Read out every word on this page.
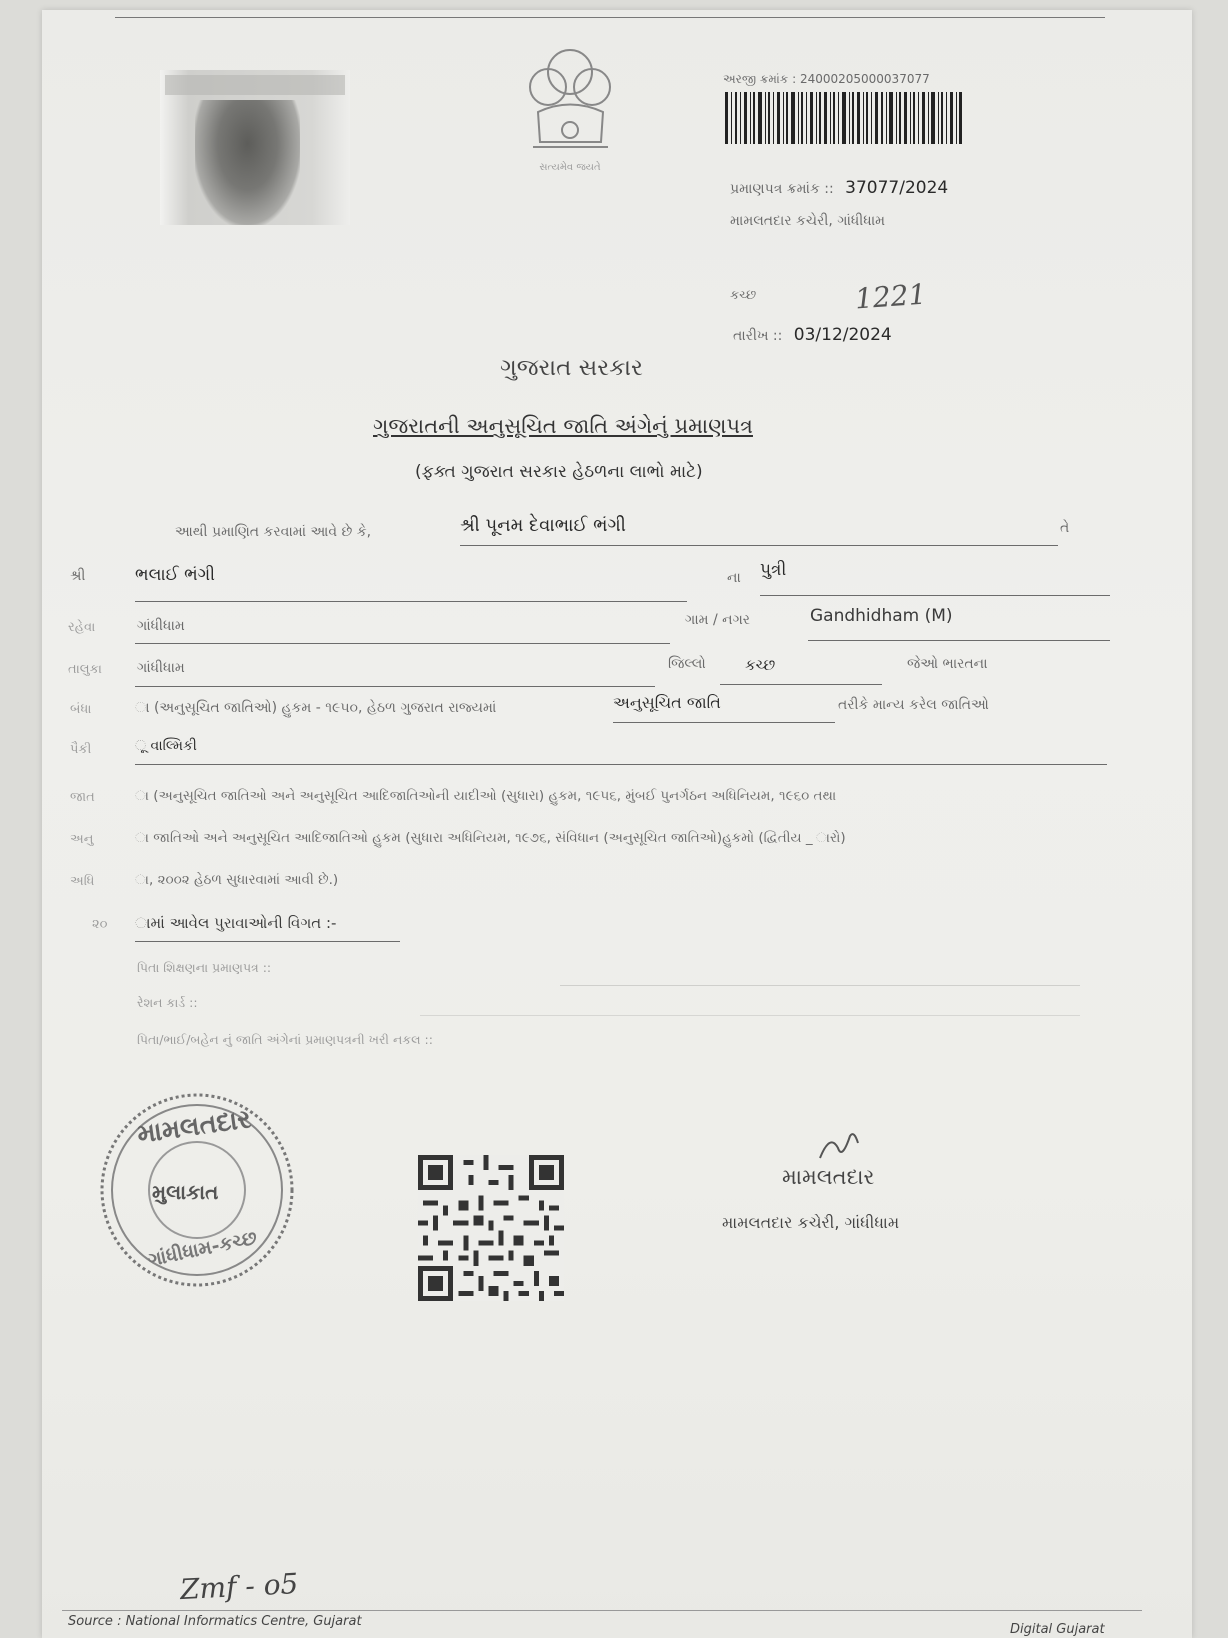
સત્યમેવ જયતે
અરજી ક્રમાંક : 240002050000370​77
પ્રમાણપત્ર ક્રમાંક :: 37077/2024
મામલતદાર કચેરી, ગાંધીધામ
કચ્છ	1221
તારીખ :: 03/12/2024
ગુજરાત સરકાર
ગુજરાતની અનુસૂચિત જાતિ અંગેનું પ્રમાણપત્ર
(ફક્ત ગુજરાત સરકાર હેઠળના લાભો માટે)
આથી પ્રમાણિત કરવામાં આવે છે કે,	શ્રી પૂનમ દેવાભાઈ ભંગી	તે
શ્રી	ભલાઈ ભંગી	ના પુત્રી
રહેવા	ગાંધીધામ	ગામ / નગર	Gandhidham (M)
તાલુકા	ગાંધીધામ	જિલ્લો	કચ્છ	જેઓ ભારતના
બંધા	ા (અનુસૂચિત જાતિઓ) હુકમ - ૧૯૫૦, હેઠળ ગુજરાત રાજ્યમાં	અનુસૂચિત જાતિ	તરીકે માન્ય કરેલ જાતિઓ
પૈકી	ૂ વાલ્મિકી
જાત	ા (અનુસૂચિત જાતિઓ અને અનુસૂચિત આદિજાતિઓની યાદીઓ (સુધારા) હુકમ, ૧૯૫૬, મુંબઈ પુનર્ગઠન અધિનિયમ, ૧૯૬૦ તથા
અનુ	ા જાતિઓ અને અનુસૂચિત આદિજાતિઓ હુકમ (સુધારા અધિનિયમ, ૧૯૭૬, સંવિધાન (અનુસૂચિત જાતિઓ)હુકમો (દ્વિતીય _ ારો)
અધિ	ા, ૨૦૦૨ હેઠળ સુધારવામાં આવી છે.)
૨૦ ામાં આવેલ પુરાવાઓની વિગત :-
પિતા શિક્ષણના પ્રમાણપત્ર ::
રેશન કાર્ડ ::
પિતા/ભાઈ/બહેન નું જાતિ અંગેનાં પ્રમાણપત્રની ખરી નકલ ::
મામલતદાર
મુલાકાત
ગાંધીધામ-કચ્છ
મામલતદાર
મામલતદાર કચેરી, ગાંધીધામ
Zmf - o5
Source : National Informatics Centre, Gujarat
Digital Gujarat
